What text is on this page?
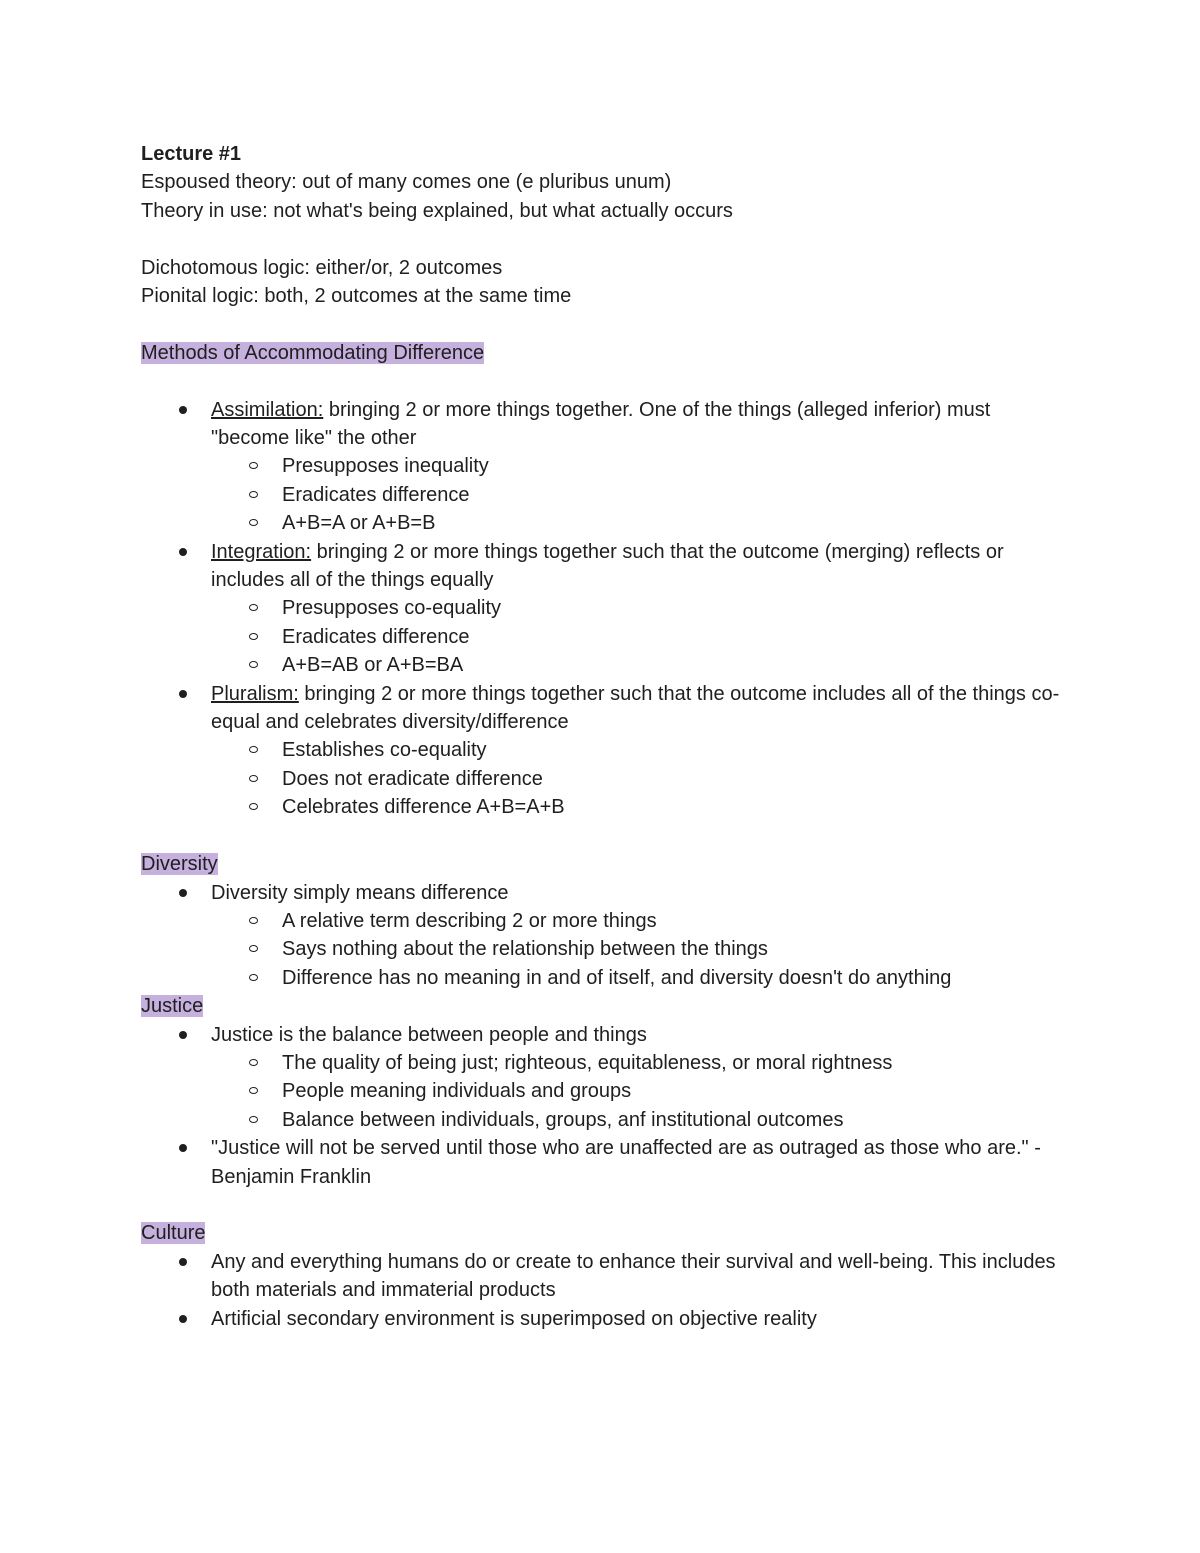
Lecture #1
Espoused theory: out of many comes one (e pluribus unum)
Theory in use: not what's being explained, but what actually occurs
Dichotomous logic: either/or, 2 outcomes
Pionital logic: both, 2 outcomes at the same time
Methods of Accommodating Difference
Assimilation: bringing 2 or more things together. One of the things (alleged inferior) must "become like" the other
Presupposes inequality
Eradicates difference
A+B=A or A+B=B
Integration: bringing 2 or more things together such that the outcome (merging) reflects or includes all of the things equally
Presupposes co-equality
Eradicates difference
A+B=AB or A+B=BA
Pluralism: bringing 2 or more things together such that the outcome includes all of the things co-equal and celebrates diversity/difference
Establishes co-equality
Does not eradicate difference
Celebrates difference A+B=A+B
Diversity
Diversity simply means difference
A relative term describing 2 or more things
Says nothing about the relationship between the things
Difference has no meaning in and of itself, and diversity doesn't do anything
Justice
Justice is the balance between people and things
The quality of being just; righteous, equitableness, or moral rightness
People meaning individuals and groups
Balance between individuals, groups, anf institutional outcomes
"Justice will not be served until those who are unaffected are as outraged as those who are." -Benjamin Franklin
Culture
Any and everything humans do or create to enhance their survival and well-being. This includes both materials and immaterial products
Artificial secondary environment is superimposed on objective reality
